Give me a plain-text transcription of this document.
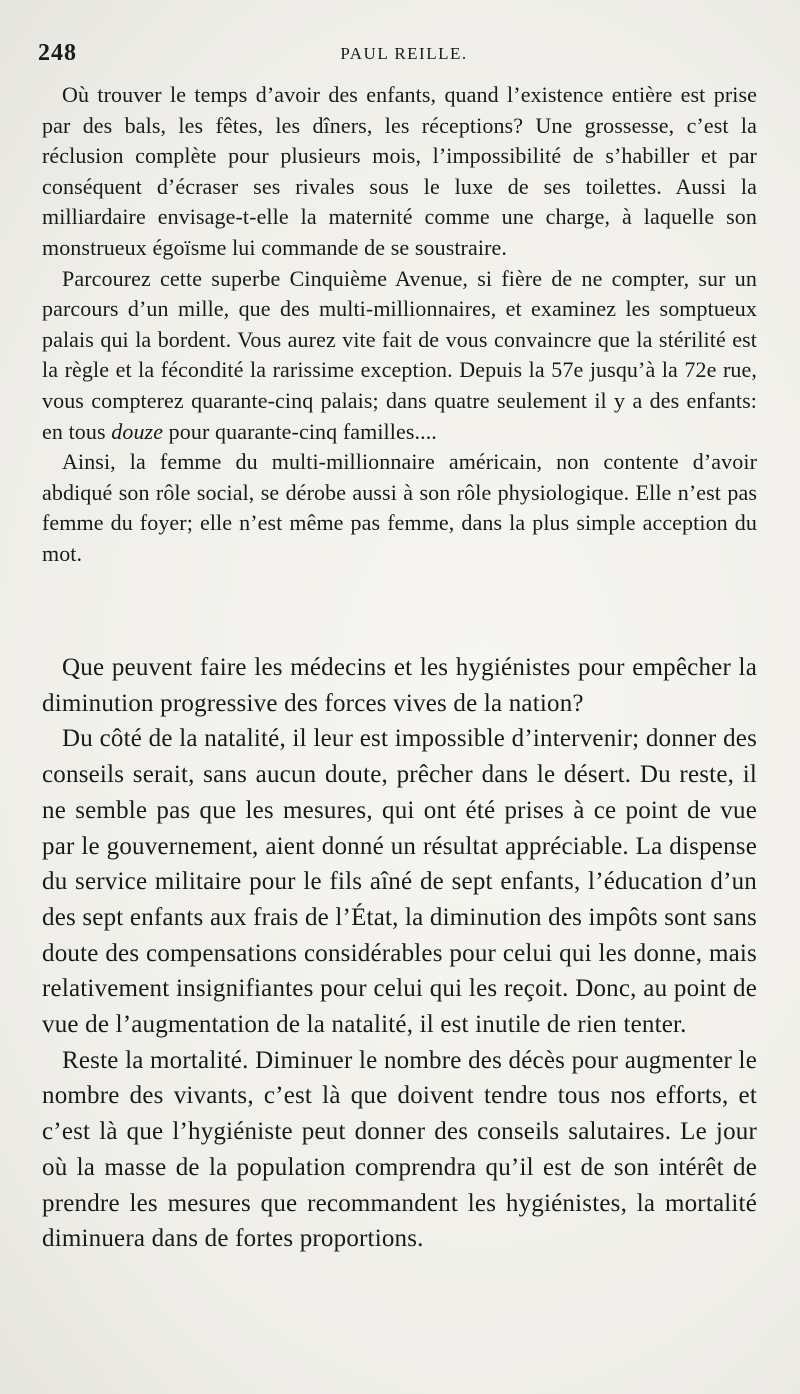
248	PAUL REILLE.

Où trouver le temps d’avoir des enfants, quand l’existence entière est prise par des bals, les fêtes, les dîners, les réceptions? Une grossesse, c’est la réclusion complète pour plusieurs mois, l’impossibilité de s’habiller et par conséquent d’écraser ses rivales sous le luxe de ses toilettes. Aussi la milliardaire envisage-t-elle la maternité comme une charge, à laquelle son monstrueux égoïsme lui commande de se soustraire.

Parcourez cette superbe Cinquième Avenue, si fière de ne compter, sur un parcours d’un mille, que des multi-millionnaires, et examinez les somptueux palais qui la bordent. Vous aurez vite fait de vous convaincre que la stérilité est la règle et la fécondité la rarissime exception. Depuis la 57e jusqu’à la 72e rue, vous compterez quarante-cinq palais; dans quatre seulement il y a des enfants: en tous douze pour quarante-cinq familles....

Ainsi, la femme du multi-millionnaire américain, non contente d’avoir abdiqué son rôle social, se dérobe aussi à son rôle physiologique. Elle n’est pas femme du foyer; elle n’est même pas femme, dans la plus simple acception du mot.

Que peuvent faire les médecins et les hygiénistes pour empêcher la diminution progressive des forces vives de la nation?

Du côté de la natalité, il leur est impossible d’intervenir; donner des conseils serait, sans aucun doute, prêcher dans le désert. Du reste, il ne semble pas que les mesures, qui ont été prises à ce point de vue par le gouvernement, aient donné un résultat appréciable. La dispense du service militaire pour le fils aîné de sept enfants, l’éducation d’un des sept enfants aux frais de l’État, la diminution des impôts sont sans doute des compensations considérables pour celui qui les donne, mais relativement insignifiantes pour celui qui les reçoit. Donc, au point de vue de l’augmentation de la natalité, il est inutile de rien tenter.

Reste la mortalité. Diminuer le nombre des décès pour augmenter le nombre des vivants, c’est là que doivent tendre tous nos efforts, et c’est là que l’hygiéniste peut donner des conseils salutaires. Le jour où la masse de la population comprendra qu’il est de son intérêt de prendre les mesures que recommandent les hygiénistes, la mortalité diminuera dans de fortes proportions.
